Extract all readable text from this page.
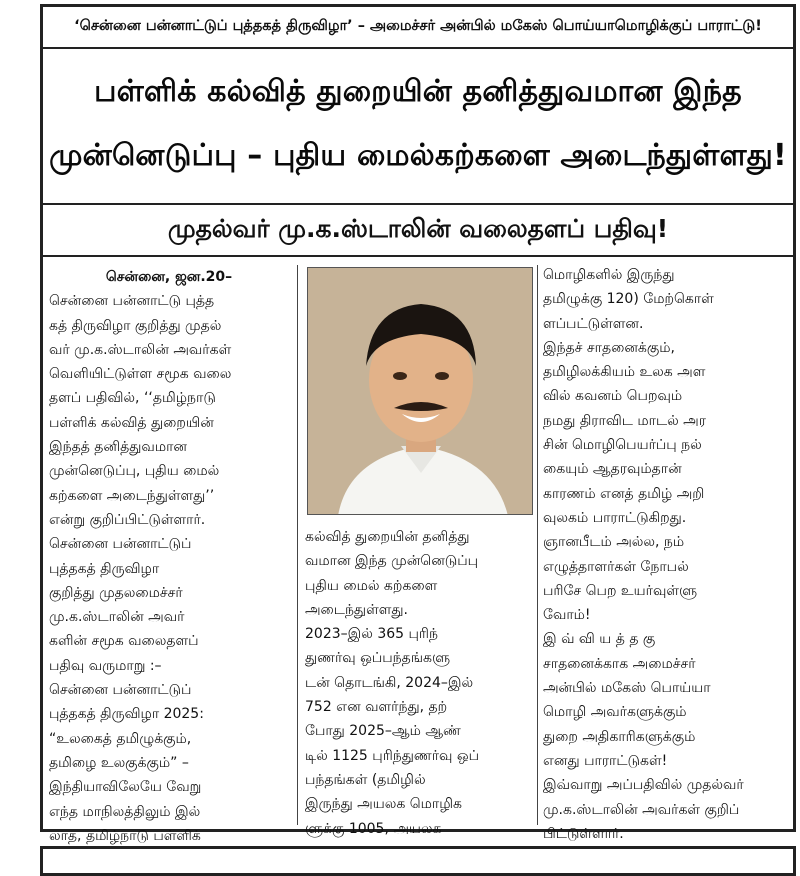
‘சென்னை பன்னாட்டுப் புத்தகத் திருவிழா’ – அமைச்சர் அன்பில் மகேஸ் பொய்யாமொழிக்குப் பாராட்டு!
பள்ளிக் கல்வித் துறையின் தனித்துவமான இந்த
முன்னெடுப்பு – புதிய மைல்கற்களை அடைந்துள்ளது!
முதல்வர் மு.க.ஸ்டாலின் வலைதளப் பதிவு!

சென்னை, ஜன.20–

சென்னை பன்னாட்டு புத்த

கத் திருவிழா குறித்து முதல்

வர் மு.க.ஸ்டாலின் அவர்கள்

வெளியிட்டுள்ள சமூக வலை

தளப் பதிவில், ‘‘தமிழ்நாடு

பள்ளிக் கல்வித் துறையின்

இந்தத் தனித்துவமான

முன்னெடுப்பு, புதிய மைல்

கற்களை அடைந்துள்ளது’’

என்று குறிப்பிட்டுள்ளார்.

சென்னை பன்னாட்டுப்

புத்தகத் திருவிழா

குறித்து முதலமைச்சர்

மு.க.ஸ்டாலின் அவர்

களின் சமூக வலைதளப்

பதிவு வருமாறு :–

சென்னை பன்னாட்டுப்

புத்தகத் திருவிழா 2025:

“உலகைத் தமிழுக்கும்,

தமிழை உலகுக்கும்” –

இந்தியாவிலேயே வேறு

எந்த மாநிலத்திலும் இல்

லாத, தமிழ்நாடு பள்ளிக்

கல்வித் துறையின் தனித்து

வமான இந்த முன்னெடுப்பு

புதிய மைல் கற்களை

அடைந்துள்ளது.

2023–இல் 365 புரிந்

துணர்வு ஒப்பந்தங்களு

டன் தொடங்கி, 2024–இல்

752 என வளர்ந்து, தற்

போது 2025–ஆம் ஆண்

டில் 1125 புரிந்துணர்வு ஒப்

பந்தங்கள் (தமிழில்

இருந்து அயலக மொழிக

ளுக்கு 1005, அயலக

மொழிகளில் இருந்து

தமிழுக்கு 120) மேற்கொள்

ளப்பட்டுள்ளன.

இந்தச் சாதனைக்கும்,

தமிழிலக்கியம் உலக அள

வில் கவனம் பெறவும்

நமது திராவிட மாடல் அர

சின் மொழிபெயர்ப்பு நல்

கையும் ஆதரவும்தான்

காரணம் எனத் தமிழ் அறி

வுலகம் பாராட்டுகிறது.

ஞானபீடம் அல்ல, நம்

எழுத்தாளர்கள் நோபல்

பரிசே பெற உயர்வுள்ளு

வோம்!

இ வ் வி ய த் த கு

சாதனைக்காக அமைச்சர்

அன்பில் மகேஸ் பொய்யா

மொழி அவர்களுக்கும்

துறை அதிகாரிகளுக்கும்

எனது பாராட்டுகள்!

இவ்வாறு அப்பதிவில் முதல்வர்

மு.க.ஸ்டாலின் அவர்கள் குறிப்

பிட்டுள்ளார்.
